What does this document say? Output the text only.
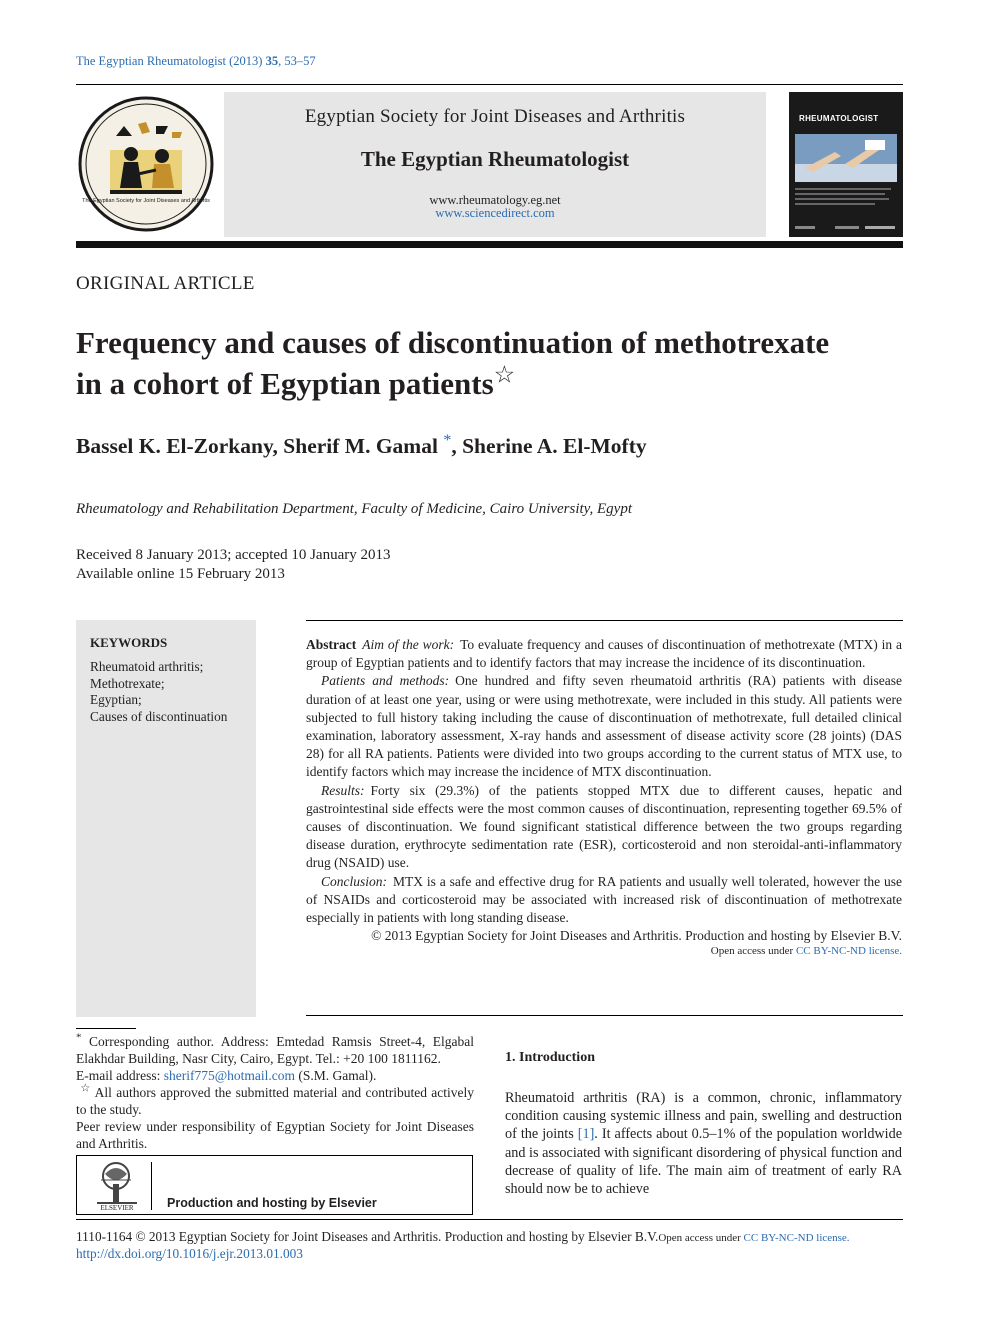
The Egyptian Rheumatologist (2013) 35, 53–57
The Egyptian Society for Joint Diseases and Arthritis
Egyptian Society for Joint Diseases and Arthritis
The Egyptian Rheumatologist
www.rheumatology.eg.net
www.sciencedirect.com
RHEUMATOLOGIST
ORIGINAL ARTICLE
Frequency and causes of discontinuation of methotrexate
in a cohort of Egyptian patients☆
Bassel K. El-Zorkany, Sherif M. Gamal *, Sherine A. El-Mofty
Rheumatology and Rehabilitation Department, Faculty of Medicine, Cairo University, Egypt
Received 8 January 2013; accepted 10 January 2013
Available online 15 February 2013
KEYWORDS
Rheumatoid arthritis;
Methotrexate;
Egyptian;
Causes of discontinuation

Abstract Aim of the work: To evaluate frequency and causes of discontinuation of methotrexate (MTX) in a group of Egyptian patients and to identify factors that may increase the incidence of its discontinuation.

Patients and methods: One hundred and fifty seven rheumatoid arthritis (RA) patients with disease duration of at least one year, using or were using methotrexate, were included in this study. All patients were subjected to full history taking including the cause of discontinuation of methotrexate, full detailed clinical examination, laboratory assessment, X-ray hands and assessment of disease activity score (28 joints) (DAS 28) for all RA patients. Patients were divided into two groups according to the current status of MTX use, to identify factors which may increase the incidence of MTX discontinuation.

Results: Forty six (29.3%) of the patients stopped MTX due to different causes, hepatic and gastrointestinal side effects were the most common causes of discontinuation, representing together 69.5% of causes of discontinuation. We found significant statistical difference between the two groups regarding disease duration, erythrocyte sedimentation rate (ESR), corticosteroid and non steroidal-anti-inflammatory drug (NSAID) use.

Conclusion: MTX is a safe and effective drug for RA patients and usually well tolerated, however the use of NSAIDs and corticosteroid may be associated with increased risk of discontinuation of methotrexate especially in patients with long standing disease.

© 2013 Egyptian Society for Joint Diseases and Arthritis. Production and hosting by Elsevier B.V.

Open access under CC BY-NC-ND license.

* Corresponding author. Address: Emtedad Ramsis Street-4, Elgabal Elakhdar Building, Nasr City, Cairo, Egypt. Tel.: +20 100 1811162.

E-mail address: sherif775@hotmail.com (S.M. Gamal).

☆ All authors approved the submitted material and contributed actively to the study.

Peer review under responsibility of Egyptian Society for Joint Diseases and Arthritis.

ELSEVIER	Production and hosting by Elsevier
1. Introduction
Rheumatoid arthritis (RA) is a common, chronic, inflammatory condition causing systemic illness and pain, swelling and destruction of the joints [1]. It affects about 0.5–1% of the population worldwide and is associated with significant disordering of physical function and decrease of quality of life. The main aim of treatment of early RA should now be to achieve
1110-1164 © 2013 Egyptian Society for Joint Diseases and Arthritis. Production and hosting by Elsevier B.V.Open access under CC BY-NC-ND license.
http://dx.doi.org/10.1016/j.ejr.2013.01.003
